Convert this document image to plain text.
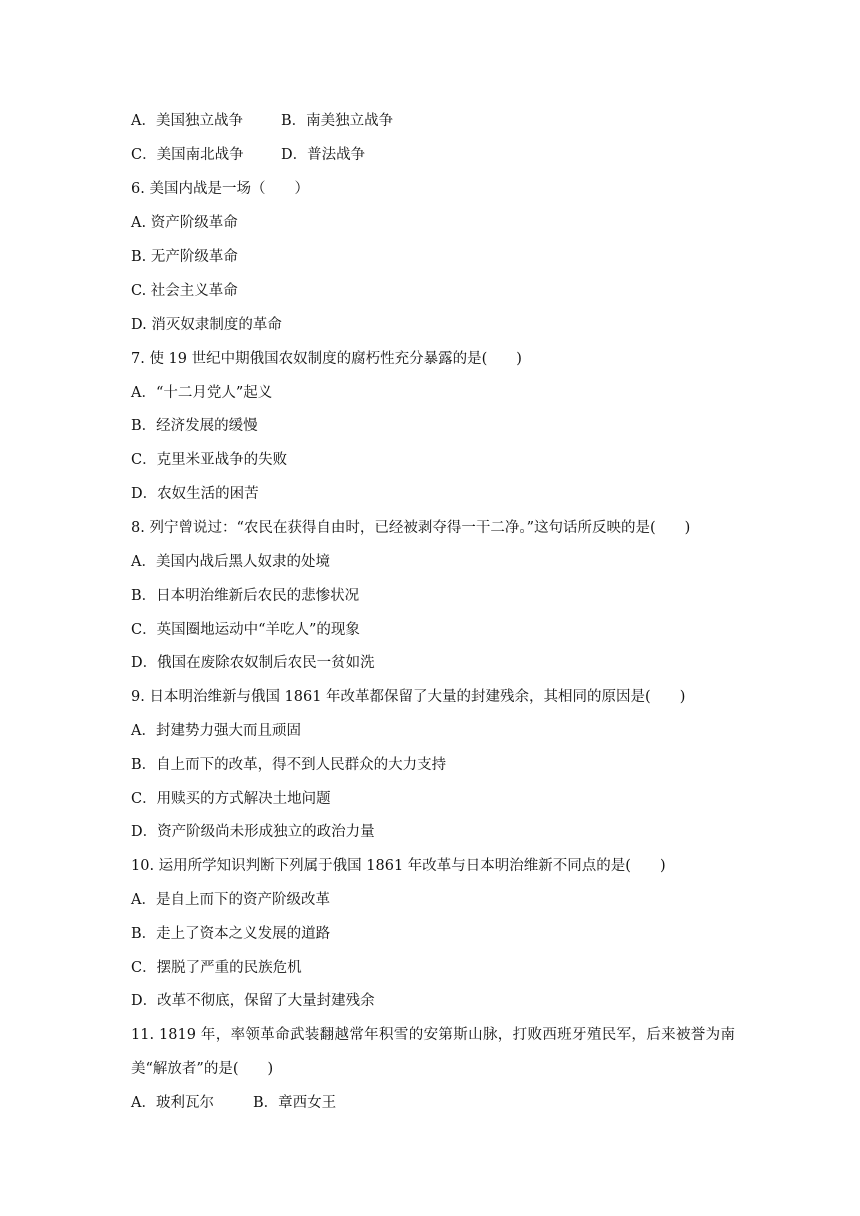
A．美国独立战争	B．南美独立战争
C．美国南北战争	D．普法战争
6. 美国内战是一场（　　）
A. 资产阶级革命
B. 无产阶级革命
C. 社会主义革命
D. 消灭奴隶制度的革命
7. 使 19 世纪中期俄国农奴制度的腐朽性充分暴露的是(　　)
A．“十二月党人”起义
B．经济发展的缓慢
C．克里米亚战争的失败
D．农奴生活的困苦
8. 列宁曾说过：“农民在获得自由时，已经被剥夺得一干二净。”这句话所反映的是(　　)
A．美国内战后黑人奴隶的处境
B．日本明治维新后农民的悲惨状况
C．英国圈地运动中“羊吃人”的现象
D．俄国在废除农奴制后农民一贫如洗
9. 日本明治维新与俄国 1861 年改革都保留了大量的封建残余，其相同的原因是(　　)
A．封建势力强大而且顽固
B．自上而下的改革，得不到人民群众的大力支持
C．用赎买的方式解决土地问题
D．资产阶级尚未形成独立的政治力量
10. 运用所学知识判断下列属于俄国 1861 年改革与日本明治维新不同点的是(　　)
A．是自上而下的资产阶级改革
B．走上了资本之义发展的道路
C．摆脱了严重的民族危机
D．改革不彻底，保留了大量封建残余
11. 1819 年，率领革命武装翻越常年积雪的安第斯山脉，打败西班牙殖民军，后来被誉为南美“解放者”的是(　　)
A．玻利瓦尔	B．章西女王
